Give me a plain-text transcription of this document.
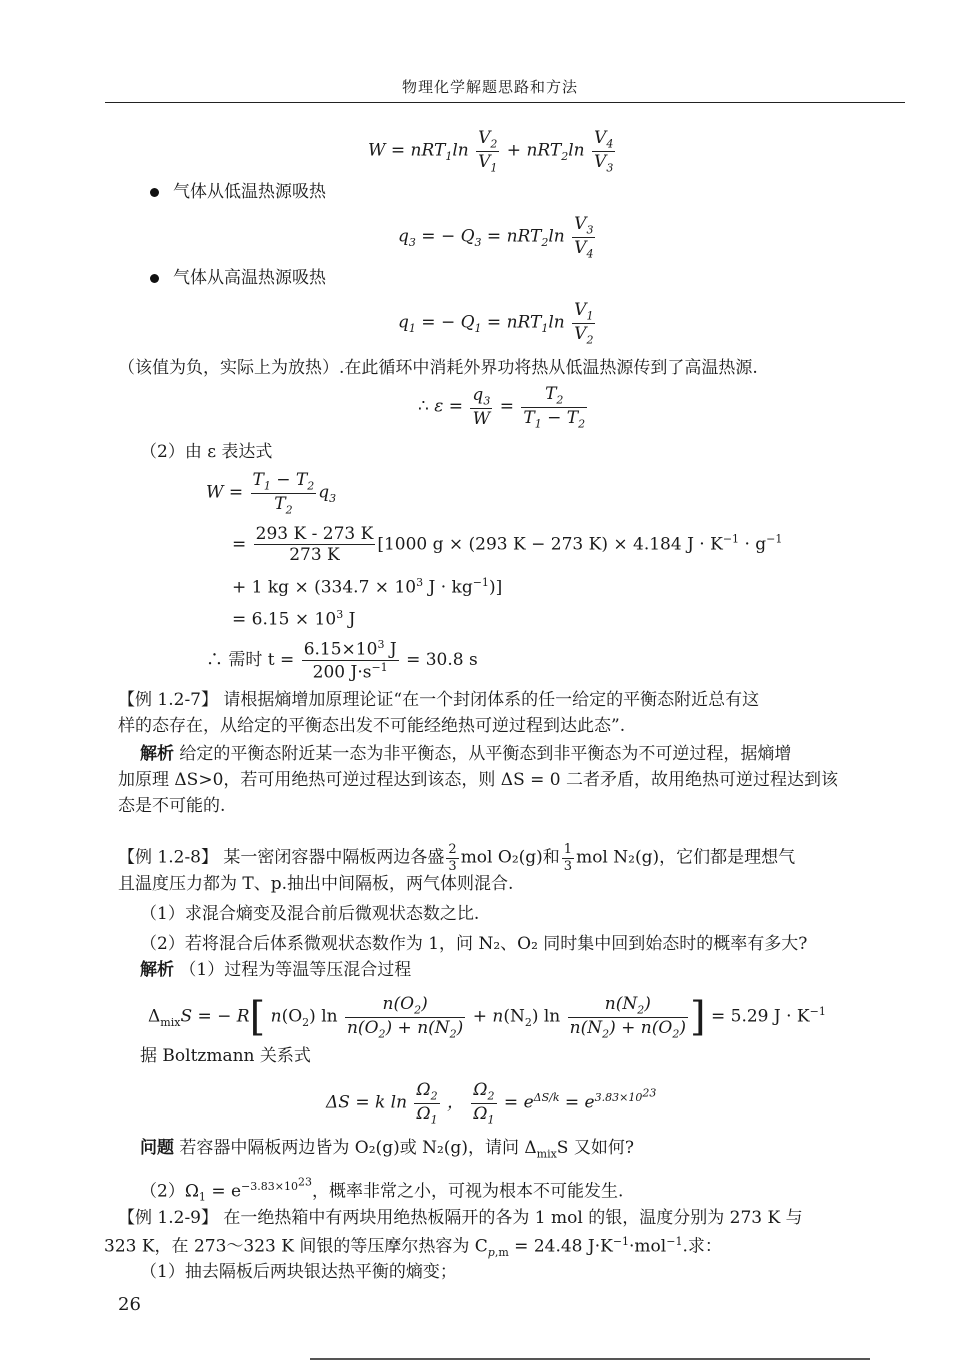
物理化学解题思路和方法
$W = nRT_1\ln \frac{V_2}{V_1} + nRT_2\ln \frac{V_4}{V_3}$
气体从低温热源吸热
$q_3$ = − $Q_3 = nRT_2\ln \frac{V_3}{V_4}$
气体从高温热源吸热
$q_1$ = − $Q_1 = nRT_1\ln \frac{V_1}{V_2}$
（该值为负，实际上为放热）.在此循环中消耗外界功将热从低温热源传到了高温热源.
∴ $\varepsilon = \frac{q_3}{W} = \frac{T_2}{T_1 - T_2}$
（2）由 ε 表达式
$W = \frac{T_1 - T_2}{T_2} q_3$
= $\frac{293 K - 273 K}{273 K} [1000$ g × (293 K − 273 K) × 4.184 $J \cdot K^{-1} \cdot g^{-1}$
+ 1 kg × ($334.7 \times 10^3$ $J \cdot kg^{-1}$)]
= $6.15 \times 10^3$ J
∴ 需时 $t = \frac{6.15\times 10^3 J}{200 J\cdot s^{-1}} = 30.8$ s
【例 1.2-7】 请根据熵增加原理论证“在一个封闭体系的任一给定的平衡态附近总有这
样的态存在，从给定的平衡态出发不可能经绝热可逆过程到达此态”.
解析 给定的平衡态附近某一态为非平衡态，从平衡态到非平衡态为不可逆过程，据熵增
加原理 ΔS>0，若可用绝热可逆过程达到该态，则 ΔS = 0 二者矛盾，故用绝热可逆过程达到该
态是不可能的.
【例 1.2-8】 某一密闭容器中隔板两边各盛 $\frac{2}{3}$ mol O₂(g)和 $\frac{1}{3}$ mol N₂(g)，它们都是理想气
且温度压力都为 T、p.抽出中间隔板，两气体则混合.
（1）求混合熵变及混合前后微观状态数之比.
（2）若将混合后体系微观状态数作为 1，问 N₂、O₂ 同时集中回到始态时的概率有多大?
解析 （1）过程为等温等压混合过程
$\Delta_{mix}S$ = − R[ $n(O_2)$ $\ln \frac{n(O_2)}{n(O_2) + n(N_2)} + n(N_2)$ $\ln \frac{n(N_2)}{n(N_2) + n(O_2)}$ ] = 5.29 $J \cdot K^{-1}$
据 Boltzmann 关系式
ΔS = k $\ln \frac{\Omega_2}{\Omega_1}$ ， $\frac{\Omega_2}{\Omega_1} = e^{\Delta S/k} = e^{3.83\times 10^{23}}$
问题 若容器中隔板两边皆为 O₂(g)或 N₂(g)，请问 $\Delta_{mix}S$ 又如何?
$(2)\Omega_1 = e^{-3.83\times 10^{23}}$，概率非常之小，可视为根本不可能发生.
【例 1.2-9】 在一绝热箱中有两块用绝热板隔开的各为 1 mol 的银，温度分别为 273 K 与
323 K，在 273～323 K 间银的等压摩尔热容为 $C_{p,m} = 24.48$ $J\cdot K^{-1}\cdot mol^{-1}$.求：
（1）抽去隔板后两块银达热平衡的熵变；
26
